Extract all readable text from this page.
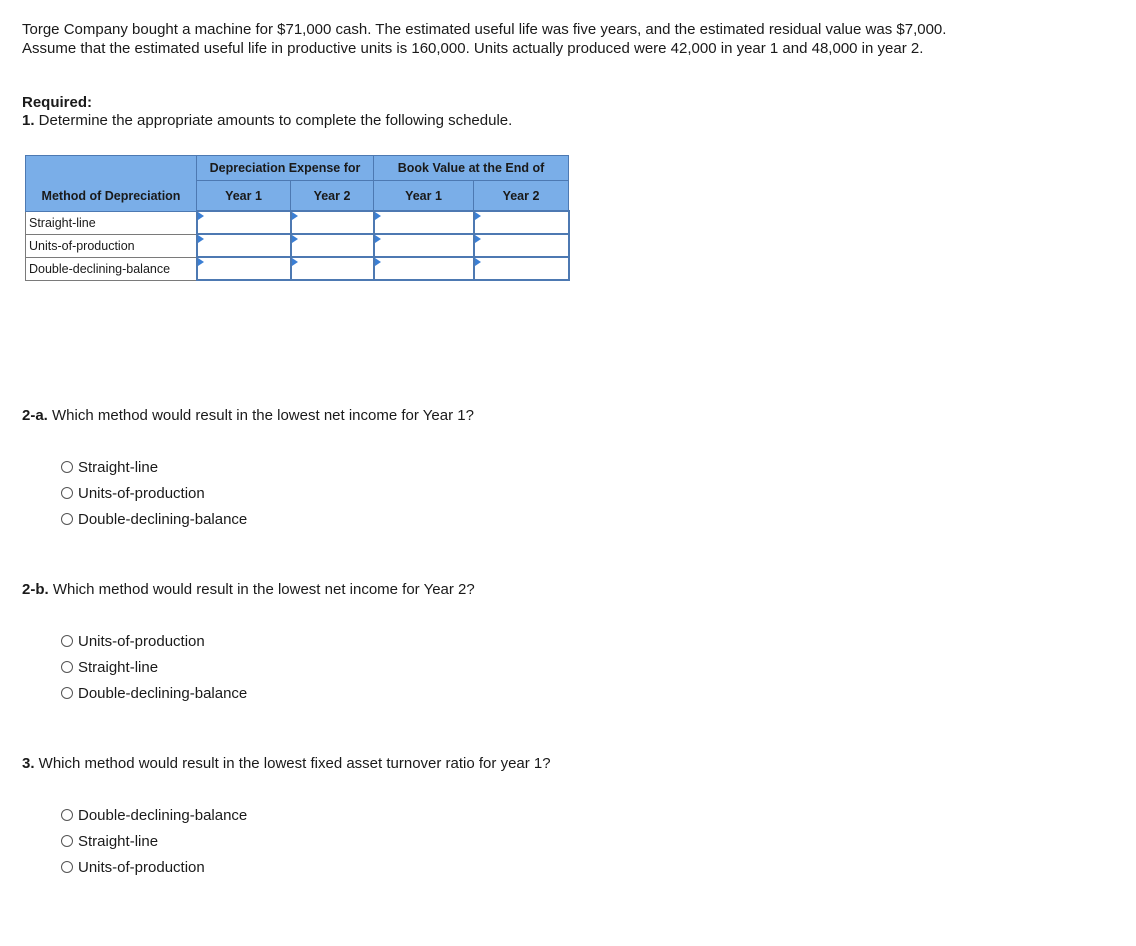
Torge Company bought a machine for $71,000 cash. The estimated useful life was five years, and the estimated residual value was $7,000. Assume that the estimated useful life in productive units is 160,000. Units actually produced were 42,000 in year 1 and 48,000 in year 2.

Required:
1. Determine the appropriate amounts to complete the following schedule.
	Depreciation Expense for		Book Value at the End of	
Method of Depreciation	Year 1	Year 2	Year 1	Year 2
Straight-line				
Units-of-production				
Double-declining-balance				
2-a. Which method would result in the lowest net income for Year 1?
Straight-line
Units-of-production
Double-declining-balance
2-b. Which method would result in the lowest net income for Year 2?
Units-of-production
Straight-line
Double-declining-balance
3. Which method would result in the lowest fixed asset turnover ratio for year 1?
Double-declining-balance
Straight-line
Units-of-production
